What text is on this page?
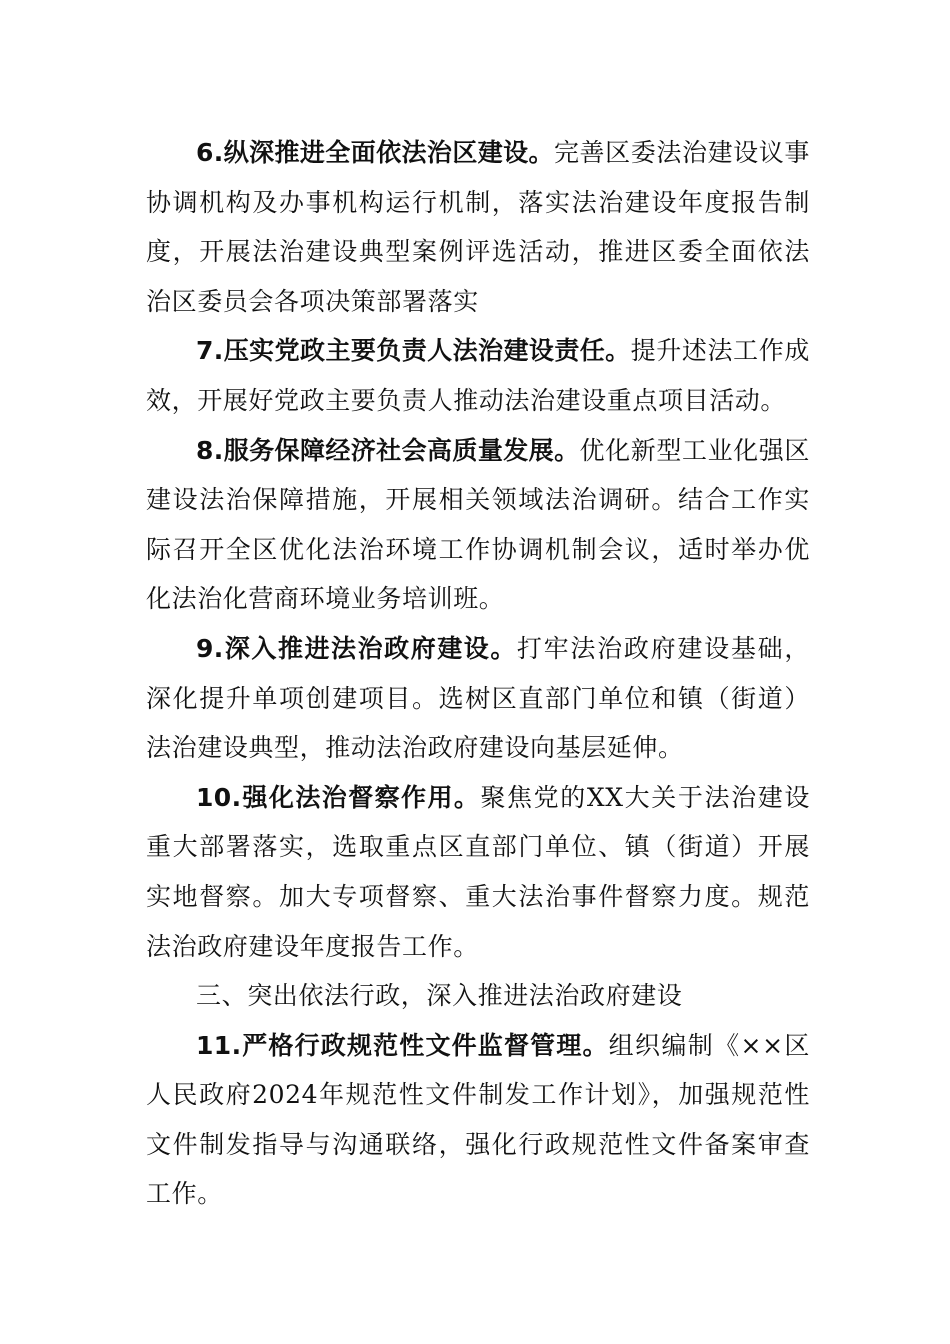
6.纵深推进全面依法治区建设。完善区委法治建设议事协调机构及办事机构运行机制，落实法治建设年度报告制度，开展法治建设典型案例评选活动，推进区委全面依法治区委员会各项决策部署落实

7.压实党政主要负责人法治建设责任。提升述法工作成效，开展好党政主要负责人推动法治建设重点项目活动。

8.服务保障经济社会高质量发展。优化新型工业化强区建设法治保障措施，开展相关领域法治调研。结合工作实际召开全区优化法治环境工作协调机制会议，适时举办优化法治化营商环境业务培训班。

9.深入推进法治政府建设。打牢法治政府建设基础，深化提升单项创建项目。选树区直部门单位和镇（街道）法治建设典型，推动法治政府建设向基层延伸。

10.强化法治督察作用。聚焦党的XX大关于法治建设重大部署落实，选取重点区直部门单位、镇（街道）开展实地督察。加大专项督察、重大法治事件督察力度。规范法治政府建设年度报告工作。

三、突出依法行政，深入推进法治政府建设

11.严格行政规范性文件监督管理。组织编制《××区人民政府2024年规范性文件制发工作计划》，加强规范性文件制发指导与沟通联络，强化行政规范性文件备案审查工作。
